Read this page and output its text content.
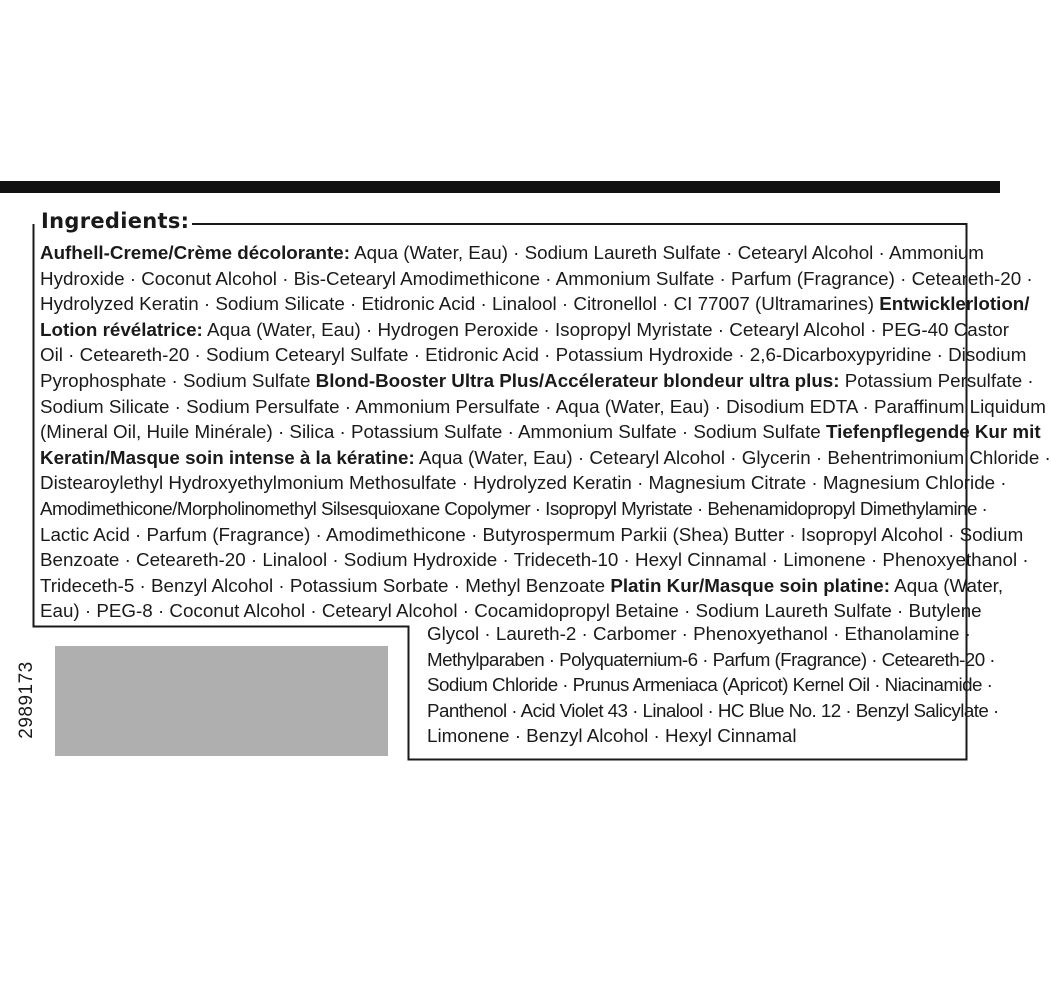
Ingredients:
Aufhell-Creme/Crème décolorante: Aqua (Water, Eau) · Sodium Laureth Sulfate · Cetearyl Alcohol · Ammonium
Hydroxide · Coconut Alcohol · Bis-Cetearyl Amodimethicone · Ammonium Sulfate · Parfum (Fragrance) · Ceteareth-20 ·
Hydrolyzed Keratin · Sodium Silicate · Etidronic Acid · Linalool · Citronellol · CI 77007 (Ultramarines) Entwicklerlotion/
Lotion révélatrice: Aqua (Water, Eau) · Hydrogen Peroxide · Isopropyl Myristate · Cetearyl Alcohol · PEG-40 Castor
Oil · Ceteareth-20 · Sodium Cetearyl Sulfate · Etidronic Acid · Potassium Hydroxide · 2,6-Dicarboxypyridine · Disodium
Pyrophosphate · Sodium Sulfate Blond-Booster Ultra Plus/Accélerateur blondeur ultra plus: Potassium Persulfate ·
Sodium Silicate · Sodium Persulfate · Ammonium Persulfate · Aqua (Water, Eau) · Disodium EDTA · Paraffinum Liquidum
(Mineral Oil, Huile Minérale) · Silica · Potassium Sulfate · Ammonium Sulfate · Sodium Sulfate Tiefenpflegende Kur mit
Keratin/Masque soin intense à la kératine: Aqua (Water, Eau) · Cetearyl Alcohol · Glycerin · Behentrimonium Chloride ·
Distearoylethyl Hydroxyethylmonium Methosulfate · Hydrolyzed Keratin · Magnesium Citrate · Magnesium Chloride ·
Amodimethicone/Morpholinomethyl Silsesquioxane Copolymer · Isopropyl Myristate · Behenamidopropyl Dimethylamine ·
Lactic Acid · Parfum (Fragrance) · Amodimethicone · Butyrospermum Parkii (Shea) Butter · Isopropyl Alcohol · Sodium
Benzoate · Ceteareth-20 · Linalool · Sodium Hydroxide · Trideceth-10 · Hexyl Cinnamal · Limonene · Phenoxyethanol ·
Trideceth-5 · Benzyl Alcohol · Potassium Sorbate · Methyl Benzoate Platin Kur/Masque soin platine: Aqua (Water,
Eau) · PEG-8 · Coconut Alcohol · Cetearyl Alcohol · Cocamidopropyl Betaine · Sodium Laureth Sulfate · Butylene
Glycol · Laureth-2 · Carbomer · Phenoxyethanol · Ethanolamine ·
Methylparaben · Polyquaternium-6 · Parfum (Fragrance) · Ceteareth-20 ·
Sodium Chloride · Prunus Armeniaca (Apricot) Kernel Oil · Niacinamide ·
Panthenol · Acid Violet 43 · Linalool · HC Blue No. 12 · Benzyl Salicylate ·
Limonene · Benzyl Alcohol · Hexyl Cinnamal
2989173
